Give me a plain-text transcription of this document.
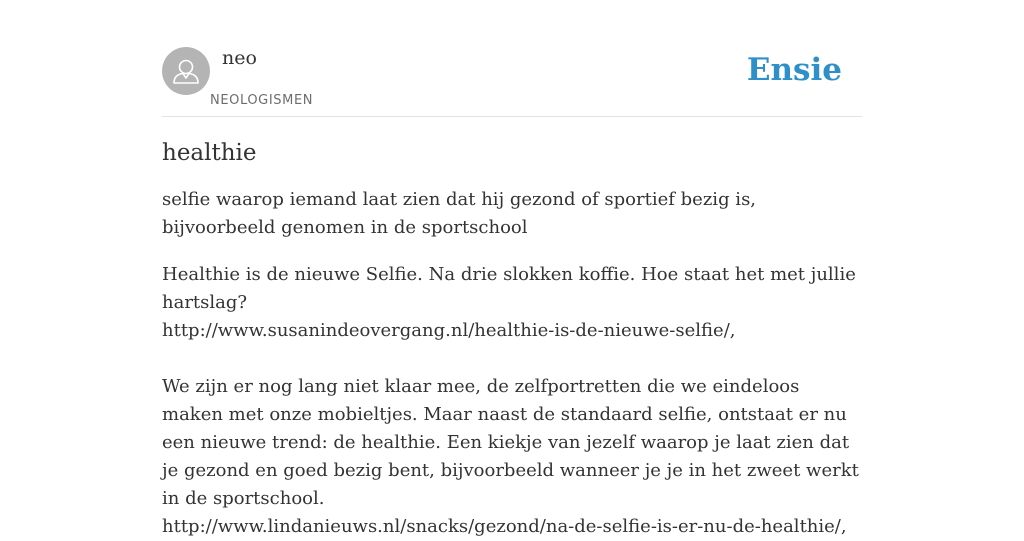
neo
NEOLOGISMEN
Ensie
healthie

selfie waarop iemand laat zien dat hij gezond of sportief bezig is, bijvoorbeeld genomen in de sportschool

Healthie is de nieuwe Selfie. Na drie slokken koffie. Hoe staat het met jullie hartslag?
http://www.susanindeovergang.nl/healthie-is-de-nieuwe-selfie/,
We zijn er nog lang niet klaar mee, de zelfportretten die we eindeloos maken met onze mobieltjes. Maar naast de standaard selfie, ontstaat er nu een nieuwe trend: de healthie. Een kiekje van jezelf waarop je laat zien dat je gezond en goed bezig bent, bijvoorbeeld wanneer je je in het zweet werkt in de sportschool.
http://www.lindanieuws.nl/snacks/gezond/na-de-selfie-is-er-nu-de-healthie/,
